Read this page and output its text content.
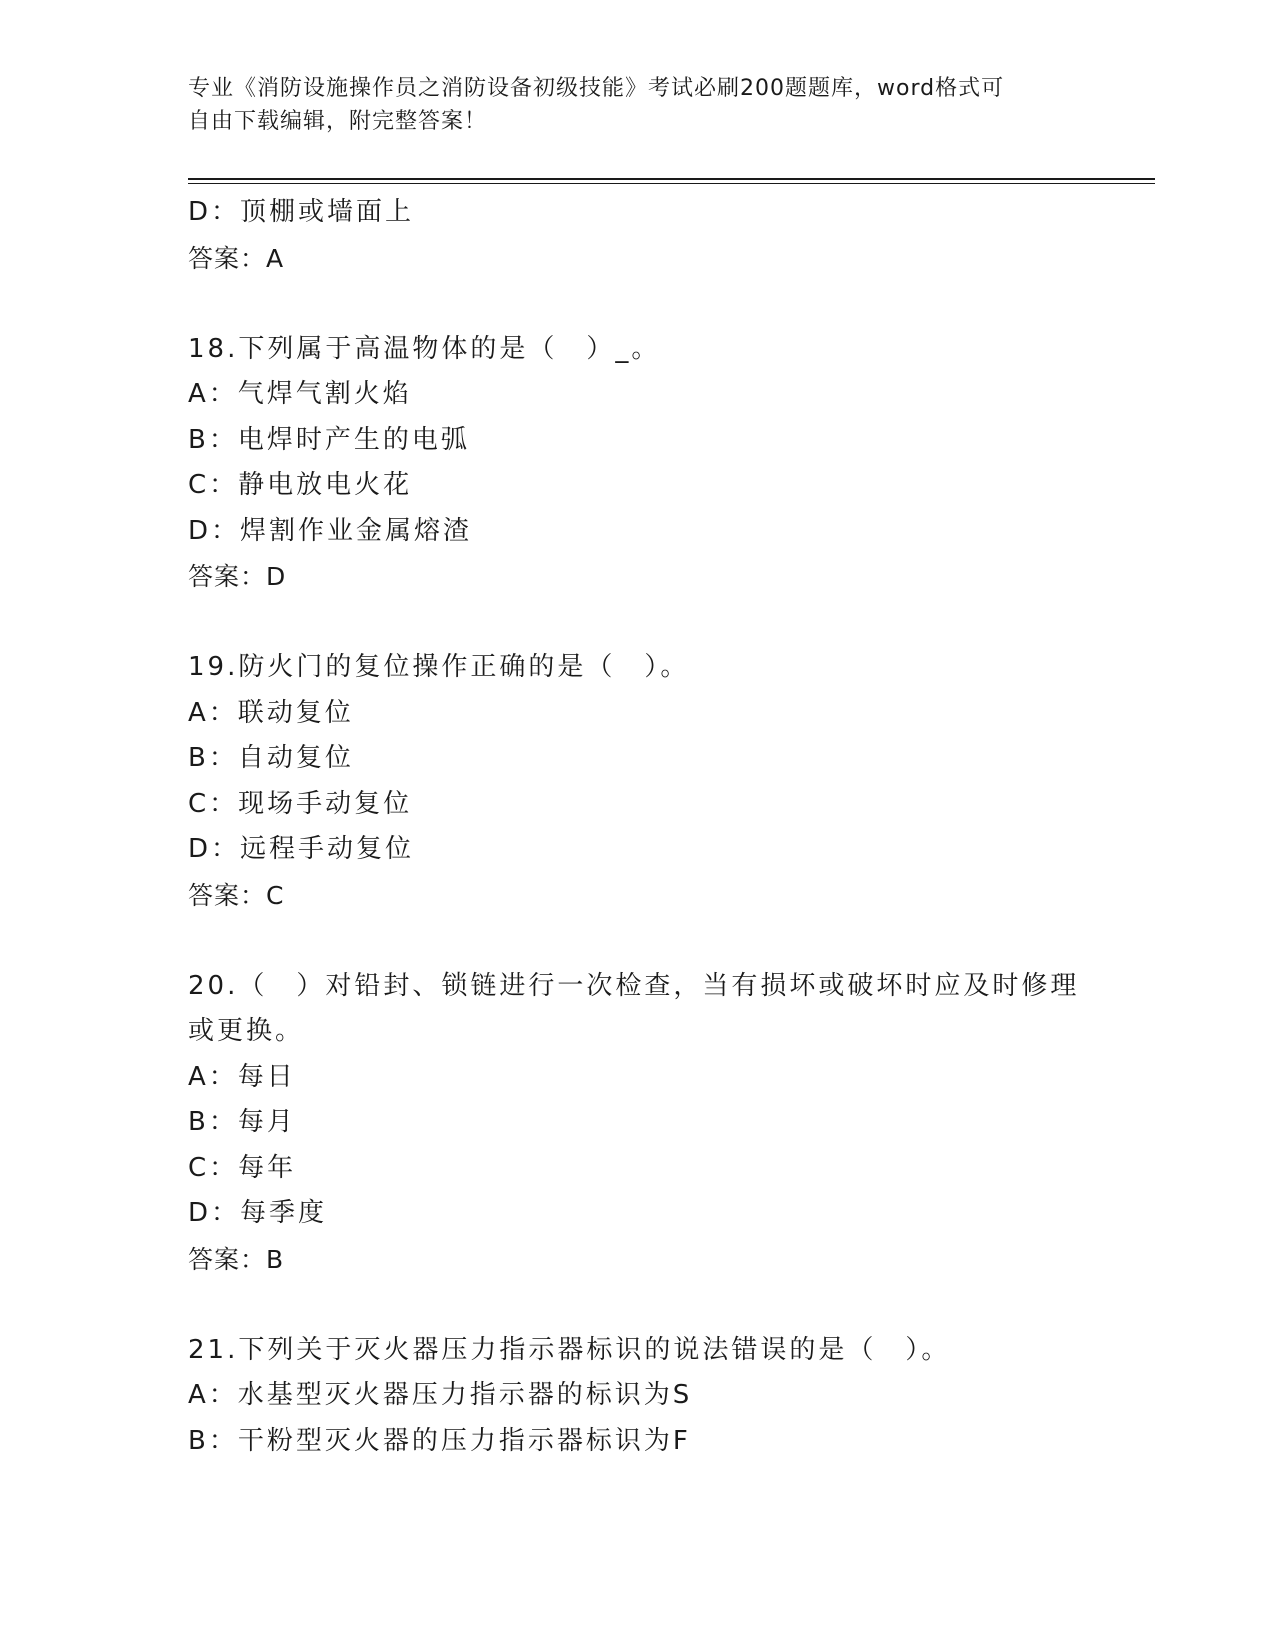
专业《消防设施操作员之消防设备初级技能》考试必刷200题题库，word格式可
自由下载编辑，附完整答案！
D：顶棚或墙面上
答案：A
18.下列属于高温物体的是（　）_。
A：气焊气割火焰
B：电焊时产生的电弧
C：静电放电火花
D：焊割作业金属熔渣
答案：D
19.防火门的复位操作正确的是（　）。
A：联动复位
B：自动复位
C：现场手动复位
D：远程手动复位
答案：C
20.（　）对铅封、锁链进行一次检查，当有损坏或破坏时应及时修理
或更换。
A：每日
B：每月
C：每年
D：每季度
答案：B
21.下列关于灭火器压力指示器标识的说法错误的是（　）。
A：水基型灭火器压力指示器的标识为S
B：干粉型灭火器的压力指示器标识为F
